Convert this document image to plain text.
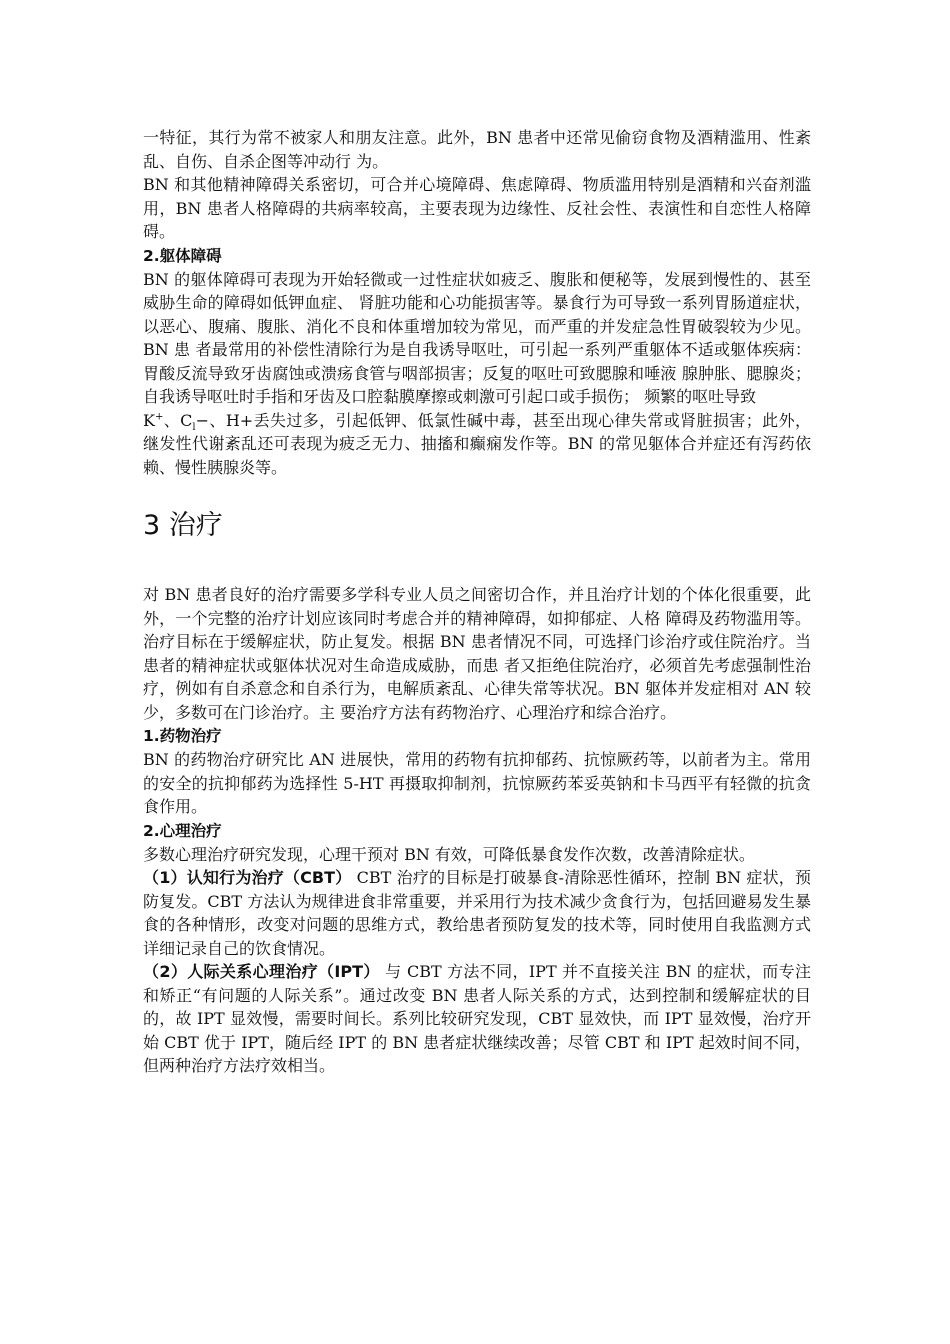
一特征，其行为常不被家人和朋友注意。此外，BN 患者中还常见偷窃食物及酒精滥用、性紊乱、自伤、自杀企图等冲动行 为。

BN 和其他精神障碍关系密切，可合并心境障碍、焦虑障碍、物质滥用特别是酒精和兴奋剂滥用，BN 患者人格障碍的共病率较高，主要表现为边缘性、反社会性、表演性和自恋性人格障碍。

2.躯体障碍

BN 的躯体障碍可表现为开始轻微或一过性症状如疲乏、腹胀和便秘等，发展到慢性的、甚至威胁生命的障碍如低钾血症、 肾脏功能和心功能损害等。暴食行为可导致一系列胃肠道症状，以恶心、腹痛、腹胀、消化不良和体重增加较为常见，而严重的并发症急性胃破裂较为少见。BN 患 者最常用的补偿性清除行为是自我诱导呕吐，可引起一系列严重躯体不适或躯体疾病：胃酸反流导致牙齿腐蚀或溃疡食管与咽部损害；反复的呕吐可致腮腺和唾液 腺肿胀、腮腺炎；自我诱导呕吐时手指和牙齿及口腔黏膜摩擦或刺激可引起口或手损伤； 频繁的呕吐导致
K+、$C_l-$、H+丢失过多，引起低钾、低氯性碱中毒，甚至出现心律失常或肾脏损害；此外，继发性代谢紊乱还可表现为疲乏无力、抽搐和癫痫发作等。BN 的常见躯体合并症还有泻药依赖、慢性胰腺炎等。

3 治疗

对 BN 患者良好的治疗需要多学科专业人员之间密切合作，并且治疗计划的个体化很重要，此外，一个完整的治疗计划应该同时考虑合并的精神障碍，如抑郁症、人格 障碍及药物滥用等。治疗目标在于缓解症状，防止复发。根据 BN 患者情况不同，可选择门诊治疗或住院治疗。当患者的精神症状或躯体状况对生命造成威胁，而患 者又拒绝住院治疗，必须首先考虑强制性治疗，例如有自杀意念和自杀行为，电解质紊乱、心律失常等状况。BN 躯体并发症相对 AN 较少，多数可在门诊治疗。主 要治疗方法有药物治疗、心理治疗和综合治疗。

1.药物治疗

BN 的药物治疗研究比 AN 进展快，常用的药物有抗抑郁药、抗惊厥药等，以前者为主。常用的安全的抗抑郁药为选择性 5-HT 再摄取抑制剂，抗惊厥药苯妥英钠和卡马西平有轻微的抗贪食作用。

2.心理治疗

多数心理治疗研究发现，心理干预对 BN 有效，可降低暴食发作次数，改善清除症状。

（1）认知行为治疗（CBT） CBT 治疗的目标是打破暴食-清除恶性循环，控制 BN 症状，预防复发。CBT 方法认为规律进食非常重要，并采用行为技术减少贪食行为，包括回避易发生暴食的各种情形，改变对问题的思维方式，教给患者预防复发的技术等，同时使用自我监测方式详细记录自己的饮食情况。

（2）人际关系心理治疗（IPT） 与 CBT 方法不同，IPT 并不直接关注 BN 的症状，而专注和矫正“有问题的人际关系”。通过改变 BN 患者人际关系的方式，达到控制和缓解症状的目的，故 IPT 显效慢，需要时间长。系列比较研究发现，CBT 显效快，而 IPT 显效慢，治疗开始 CBT 优于 IPT，随后经 IPT 的 BN 患者症状继续改善；尽管 CBT 和 IPT 起效时间不同，但两种治疗方法疗效相当。
